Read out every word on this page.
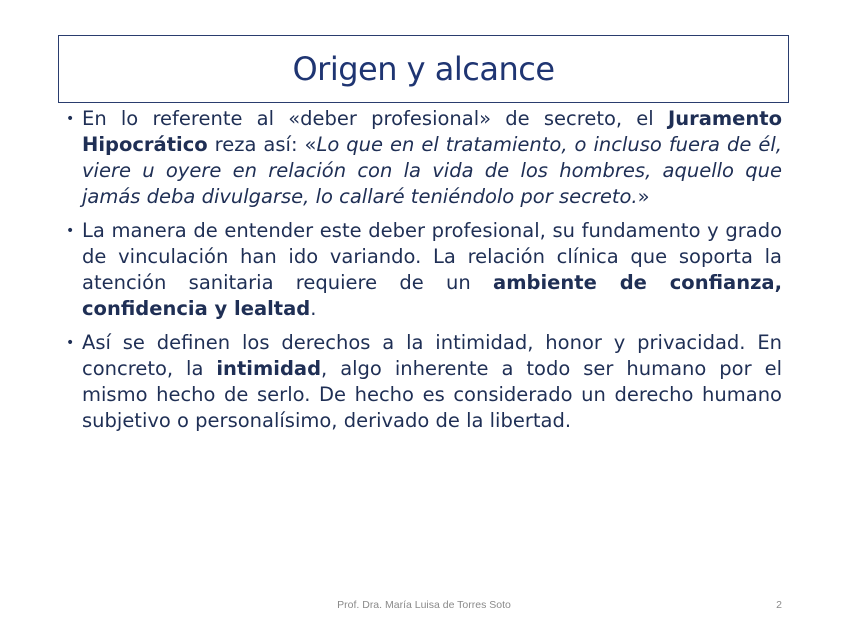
Origen y alcance
• En lo referente al «deber profesional» de secreto, el Juramento Hipocrático reza así: «Lo que en el tratamiento, o incluso fuera de él, viere u oyere en relación con la vida de los hombres, aquello que jamás deba divulgarse, lo callaré teniéndolo por secreto.»
• La manera de entender este deber profesional, su fundamento y grado de vinculación han ido variando. La relación clínica que soporta la atención sanitaria requiere de un ambiente de confianza, confidencia y lealtad.
• Así se definen los derechos a la intimidad, honor y privacidad. En concreto, la intimidad, algo inherente a todo ser humano por el mismo hecho de serlo. De hecho es considerado un derecho humano subjetivo o personalísimo, derivado de la libertad.
Prof. Dra. María Luisa de Torres Soto	2
